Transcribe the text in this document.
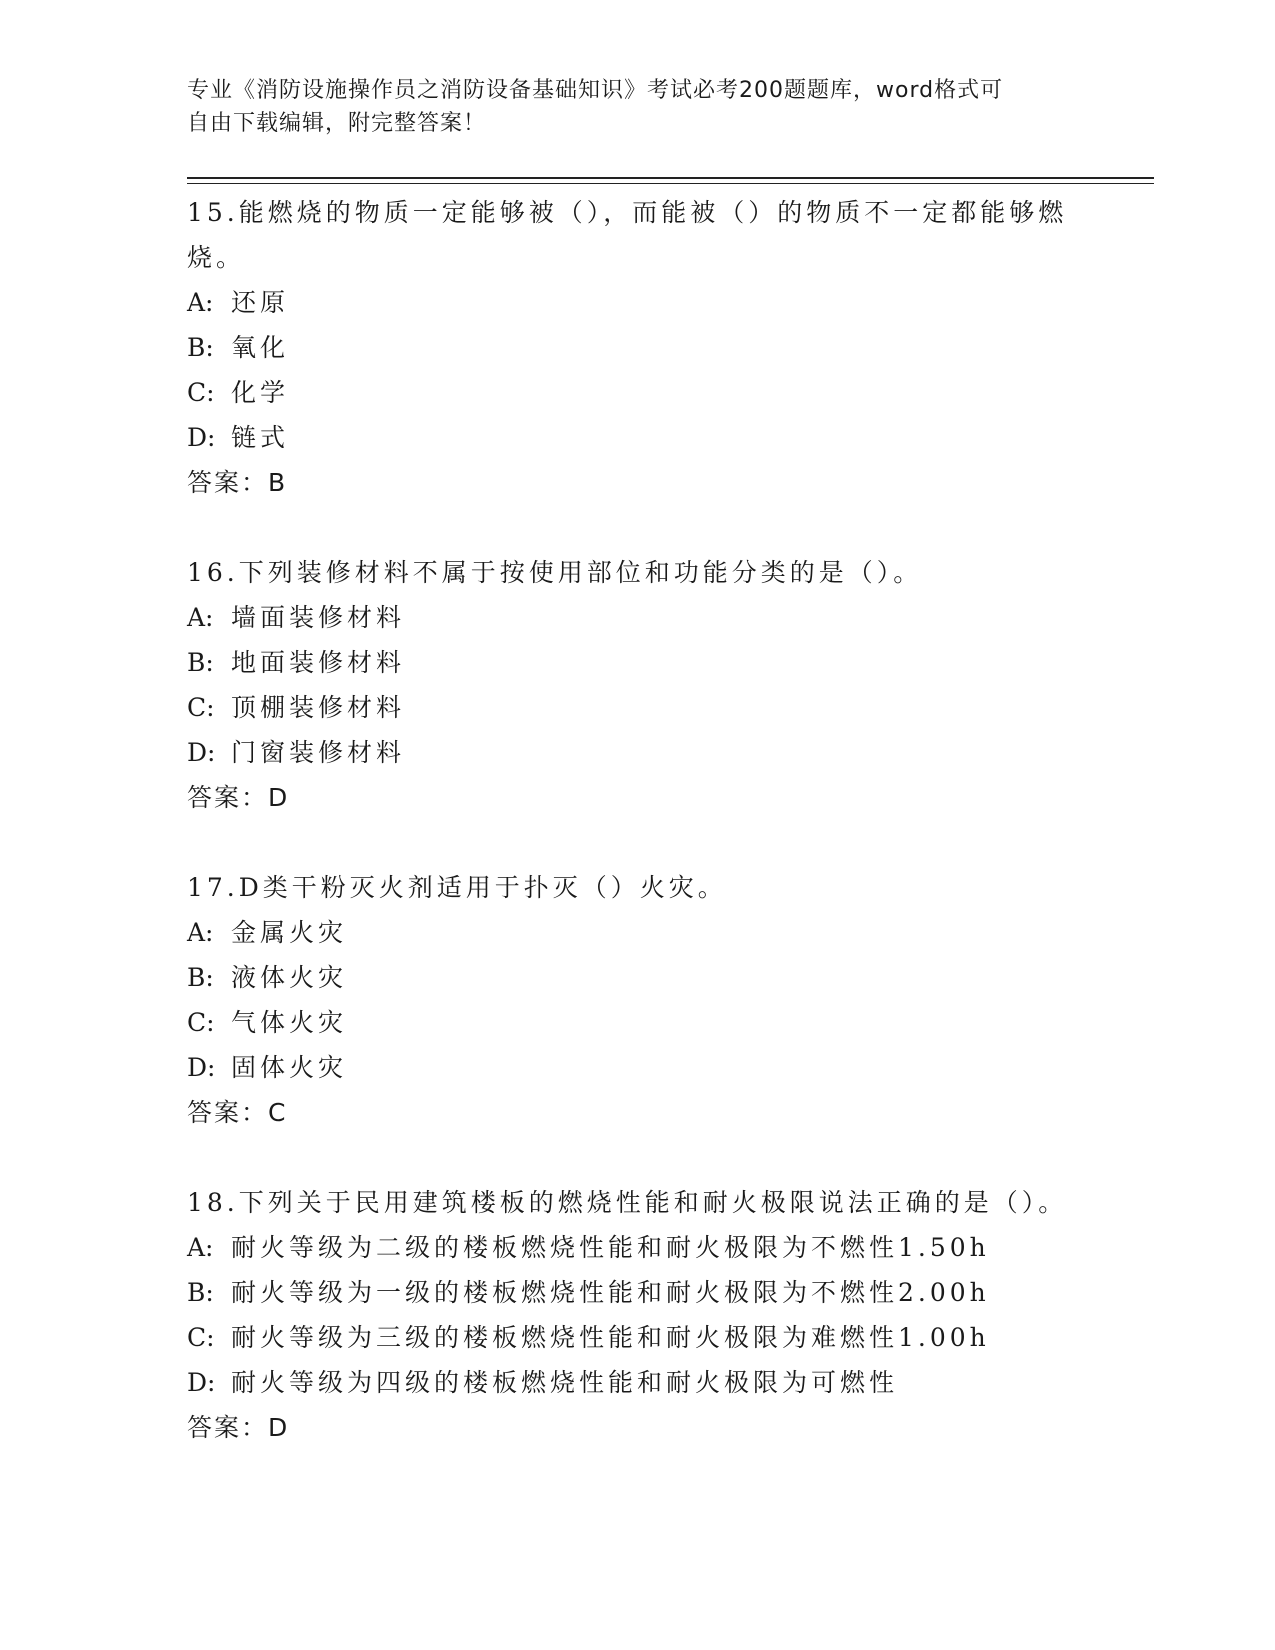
专业《消防设施操作员之消防设备基础知识》考试必考200题题库，word格式可
自由下载编辑，附完整答案！

15.能燃烧的物质一定能够被（），而能被（）的物质不一定都能够燃烧。

A: 还原
B: 氧化
C: 化学
D: 链式
答案：B

16.下列装修材料不属于按使用部位和功能分类的是（）。

A: 墙面装修材料
B: 地面装修材料
C: 顶棚装修材料
D: 门窗装修材料
答案：D

17.D类干粉灭火剂适用于扑灭（）火灾。

A: 金属火灾
B: 液体火灾
C: 气体火灾
D: 固体火灾
答案：C

18.下列关于民用建筑楼板的燃烧性能和耐火极限说法正确的是（）。

A: 耐火等级为二级的楼板燃烧性能和耐火极限为不燃性1.50h
B: 耐火等级为一级的楼板燃烧性能和耐火极限为不燃性2.00h
C: 耐火等级为三级的楼板燃烧性能和耐火极限为难燃性1.00h
D: 耐火等级为四级的楼板燃烧性能和耐火极限为可燃性
答案：D
